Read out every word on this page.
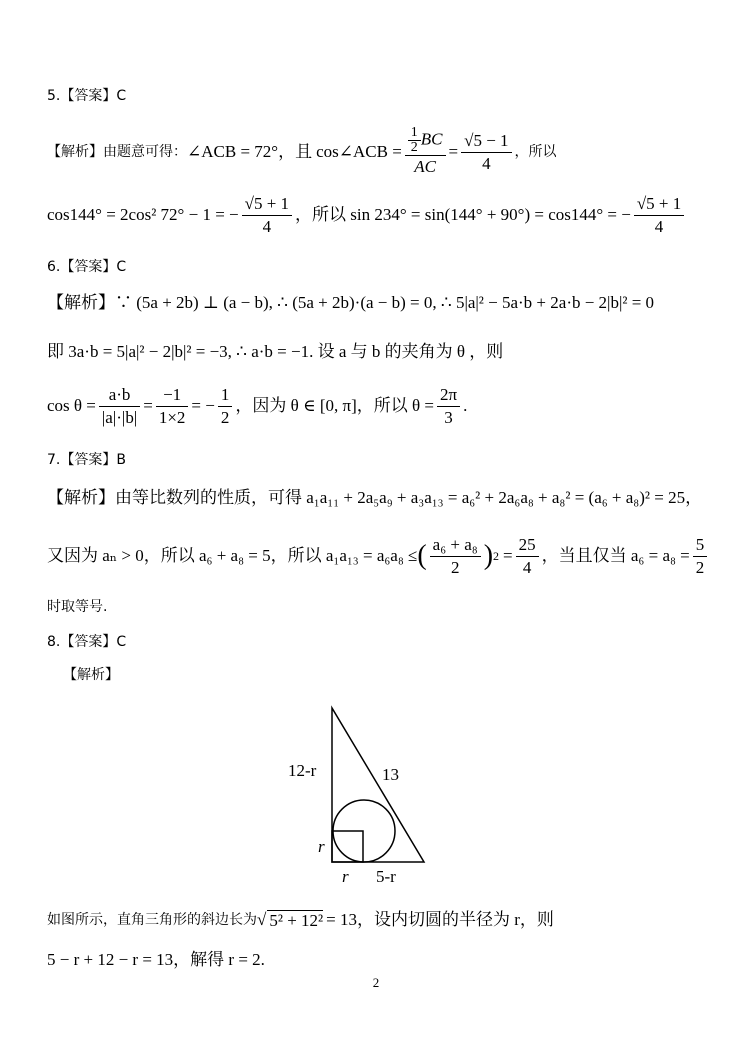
5.【答案】C
【解析】由题意可得： ∠ACB = 72°，且 cos∠ACB = $\frac{\frac{1}{2} BC}{AC} = \frac{√5 - 1}{4}$ ，所以
cos144° = 2cos² 72° − 1 = − $\frac{√5 + 1}{4}$ ，所以 sin 234° = sin(144° + 90°) = cos144° = − $\frac{√5 + 1}{4}$
6.【答案】C
【解析】∵ (5a + 2b) ⊥ (a − b), ∴ (5a + 2b)·(a − b) = 0, ∴ 5|a|² − 5a·b + 2a·b − 2|b|² = 0
即 3a·b = 5|a|² − 2|b|² = −3, ∴ a·b = −1. 设 a 与 b 的夹角为 θ ，则
$\cos \theta = \frac{a\cdot b}{|a|\cdot|b|} = \frac{-1}{1\times 2}$ = − $\frac{1}{2}$ ，因为 θ ∈ [0, π]，所以 $\theta = \frac{2\pi}{3}$ .
7.【答案】B
【解析】由等比数列的性质，可得 a₁a₁₁ + 2a₅a₉ + a₃a₁₃ = a₆² + 2a₆a₈ + a₈² = (a₆ + a₈)² = 25，
又因为 aₙ > 0，所以 a₆ + a₈ = 5，所以 a₁a₁₃ = a₆a₈ ≤ ( $\frac{\text{a₆ + a₈}}{2}$ ) $2 = \frac{25}{4}$ ，当且仅当 $a_6 = a_8 = \frac{5}{2}$
时取等号.
8.【答案】C
【解析】
12-r	13
r
r 5-r
如图所示，直角三角形的斜边长为 √ 5² + 12² = 13，设内切圆的半径为 r，则
5 − r + 12 − r = 13，解得 r = 2.
2
